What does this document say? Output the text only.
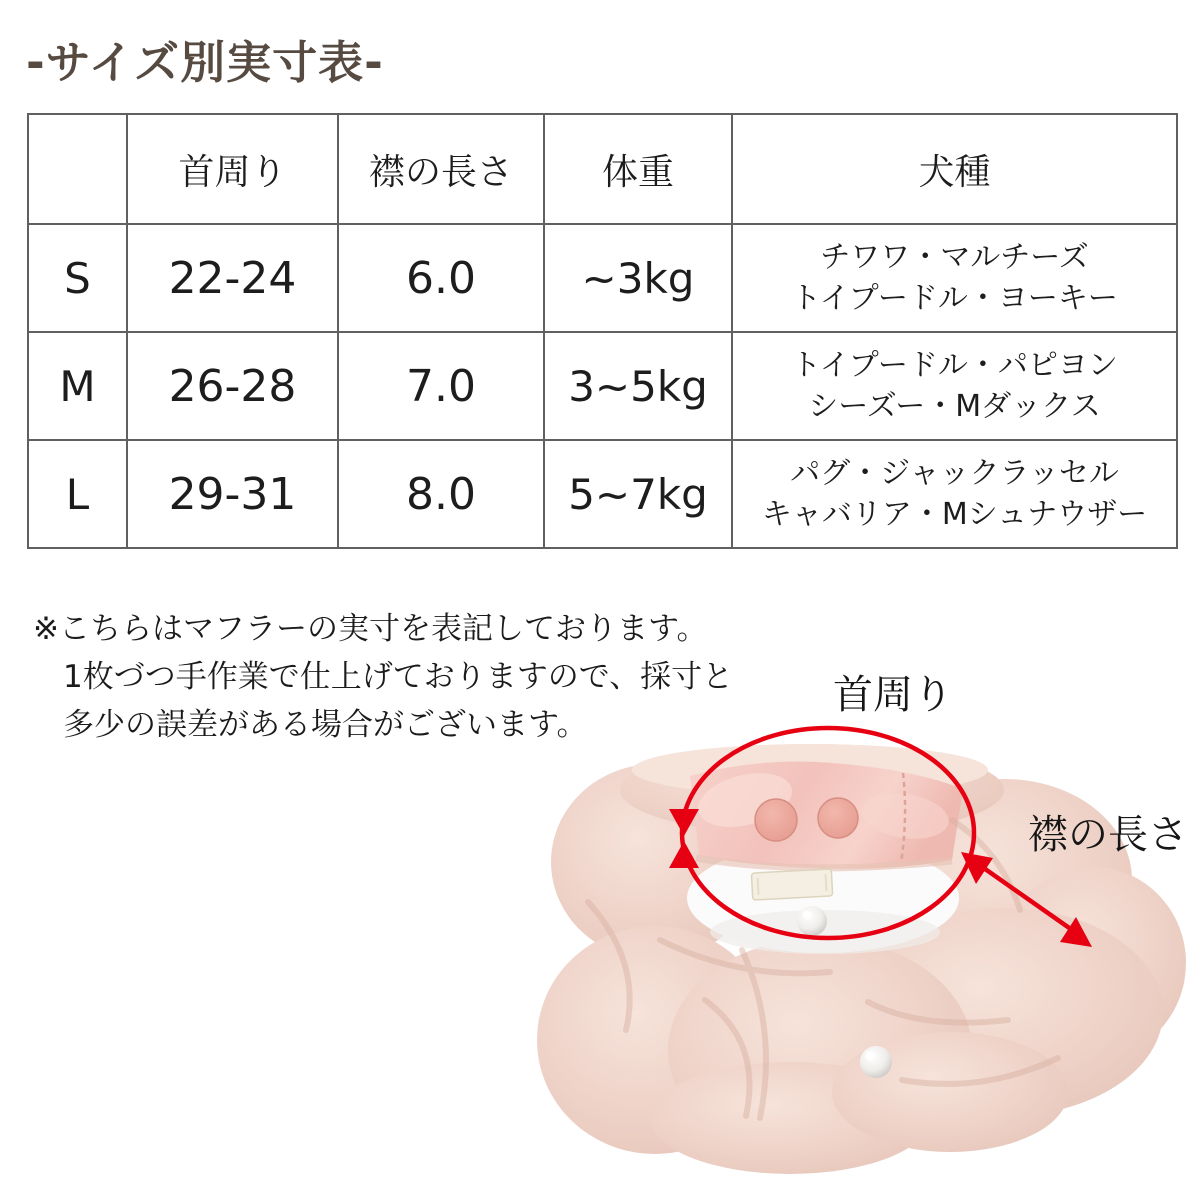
-サイズ別実寸表-
	首周り	襟の長さ	体重	犬種
S	22-24	6.0	~3kg	チワワ・マルチーズ
トイプードル・ヨーキー

M	26-28	7.0	3~5kg	トイプードル・パピヨン
シーズー・Mダックス

L	29-31	8.0	5~7kg	パグ・ジャックラッセル
キャバリア・Mシュナウザー
※こちらはマフラーの実寸を表記しております。
1枚づつ手作業で仕上げておりますので、採寸と
多少の誤差がある場合がございます。
首周り
襟の長さ
